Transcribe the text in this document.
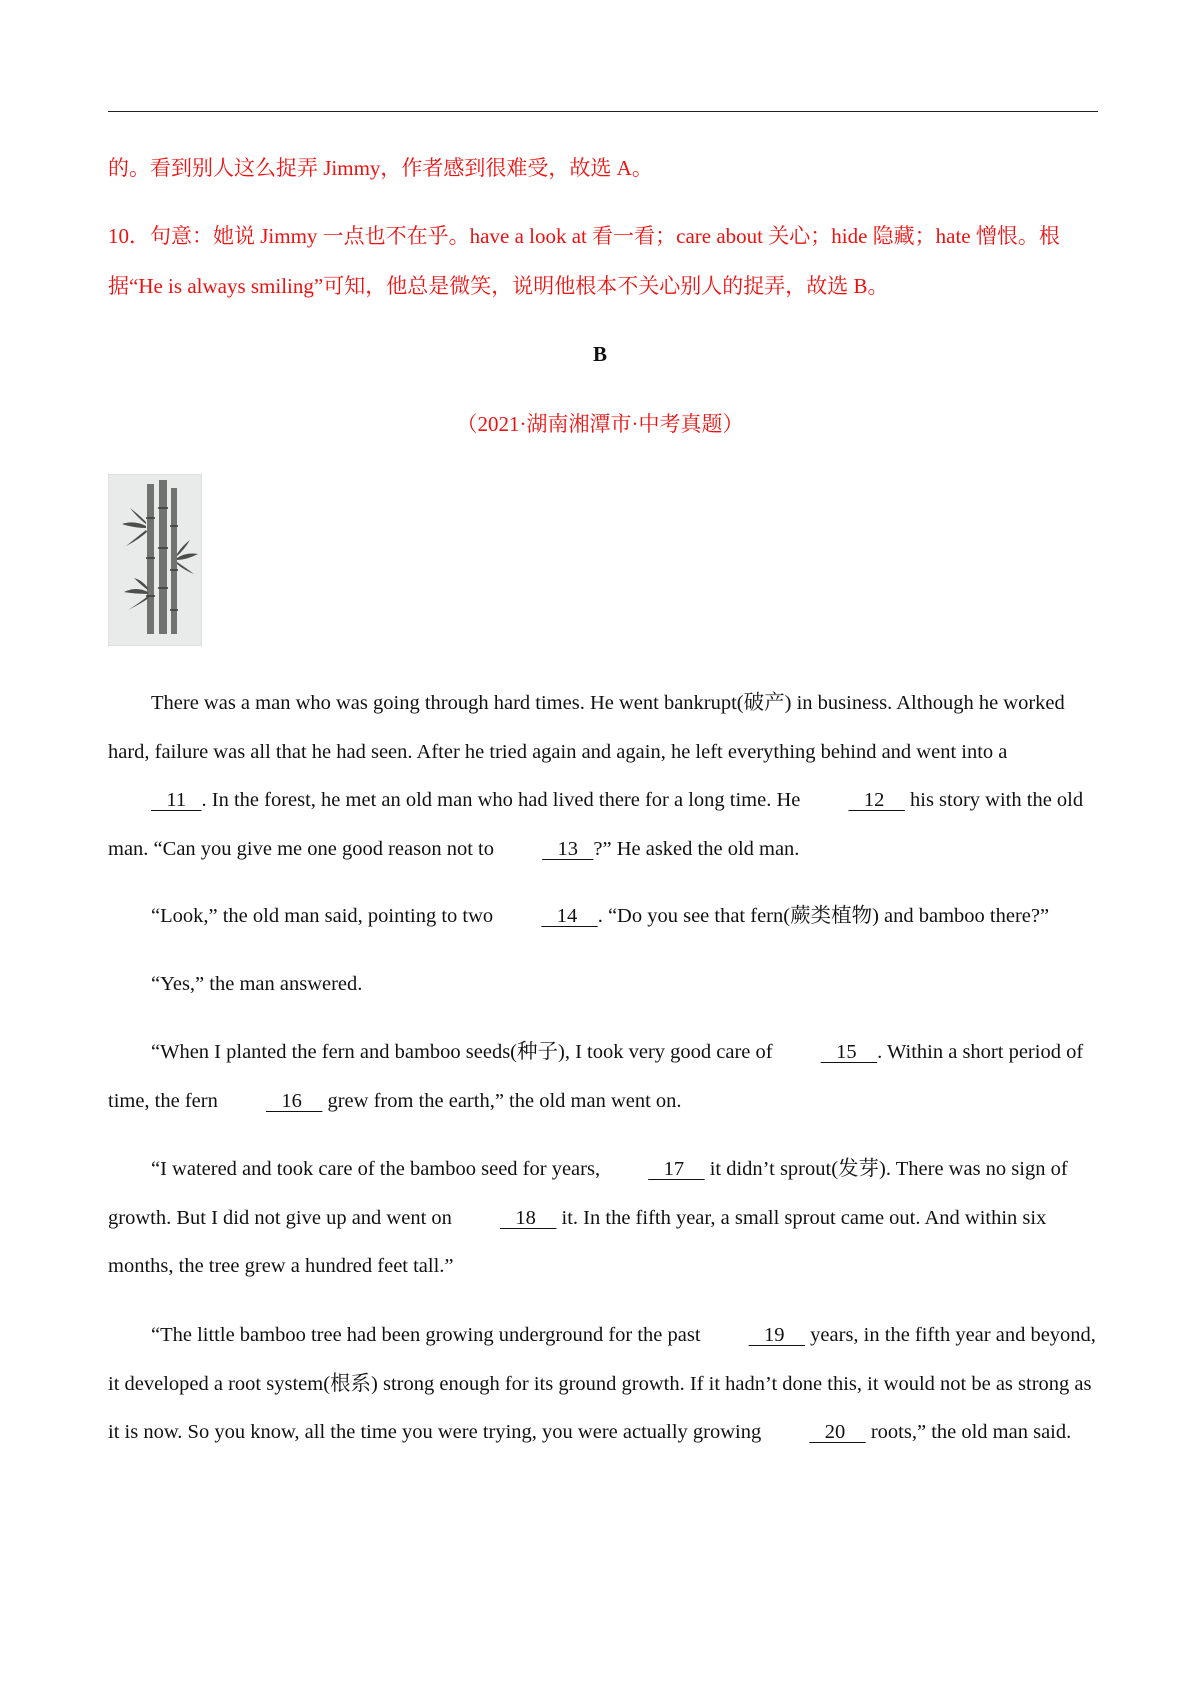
的。看到别人这么捉弄 Jimmy，作者感到很难受，故选 A。

10．句意：她说 Jimmy 一点也不在乎。have a look at 看一看；care about 关心；hide 隐藏；hate 憎恨。根据“He is always smiling”可知，他总是微笑，说明他根本不关心别人的捉弄，故选 B。

B

（2021·湖南湘潭市·中考真题）

There was a man who was going through hard times. He went bankrupt(破产) in business. Although he worked hard, failure was all that he had seen. After he tried again and again, he left everything behind and went into a    11   . In the forest, he met an old man who had lived there for a long time. He    12     his story with the old man. “Can you give me one good reason not to    13   ?” He asked the old man.

“Look,” the old man said, pointing to two    14    . “Do you see that fern(蕨类植物) and bamboo there?”

“Yes,” the man answered.

“When I planted the fern and bamboo seeds(种子), I took very good care of    15    . Within a short period of time, the fern    16     grew from the earth,” the old man went on.

“I watered and took care of the bamboo seed for years,    17     it didn’t sprout(发芽). There was no sign of growth. But I did not give up and went on    18     it. In the fifth year, a small sprout came out. And within six months, the tree grew a hundred feet tall.”

“The little bamboo tree had been growing underground for the past    19     years, in the fifth year and beyond, it developed a root system(根系) strong enough for its ground growth. If it hadn’t done this, it would not be as strong as it is now. So you know, all the time you were trying, you were actually growing    20     roots,” the old man said.
